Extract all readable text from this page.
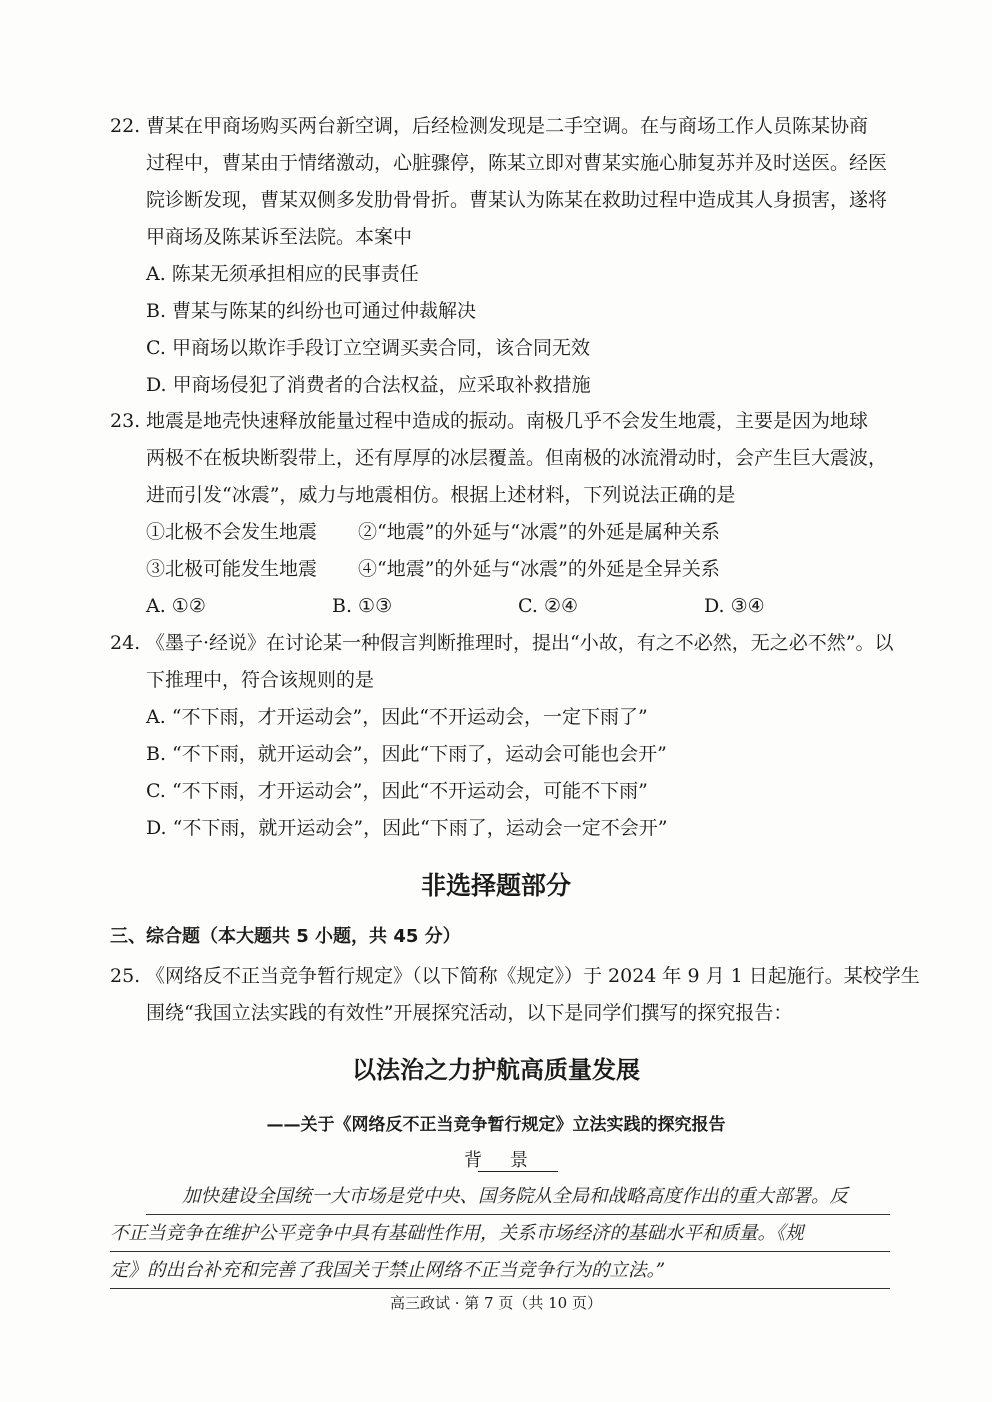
22. 曹某在甲商场购买两台新空调，后经检测发现是二手空调。在与商场工作人员陈某协商
过程中，曹某由于情绪激动，心脏骤停，陈某立即对曹某实施心肺复苏并及时送医。经医
院诊断发现，曹某双侧多发肋骨骨折。曹某认为陈某在救助过程中造成其人身损害，遂将
甲商场及陈某诉至法院。本案中
A. 陈某无须承担相应的民事责任
B. 曹某与陈某的纠纷也可通过仲裁解决
C. 甲商场以欺诈手段订立空调买卖合同，该合同无效
D. 甲商场侵犯了消费者的合法权益，应采取补救措施
23. 地震是地壳快速释放能量过程中造成的振动。南极几乎不会发生地震，主要是因为地球
两极不在板块断裂带上，还有厚厚的冰层覆盖。但南极的冰流滑动时，会产生巨大震波，
进而引发“冰震”，威力与地震相仿。根据上述材料，下列说法正确的是
①北极不会发生地震	②“地震”的外延与“冰震”的外延是属种关系
③北极可能发生地震	④“地震”的外延与“冰震”的外延是全异关系
A. ①②	B. ①③	C. ②④	D. ③④
24. 《墨子·经说》在讨论某一种假言判断推理时，提出“小故，有之不必然，无之必不然”。以
下推理中，符合该规则的是
A. “不下雨，才开运动会”，因此“不开运动会，一定下雨了”
B. “不下雨，就开运动会”，因此“下雨了，运动会可能也会开”
C. “不下雨，才开运动会”，因此“不开运动会，可能不下雨”
D. “不下雨，就开运动会”，因此“下雨了，运动会一定不会开”
非选择题部分
三、综合题（本大题共 5 小题，共 45 分）
25. 《网络反不正当竞争暂行规定》（以下简称《规定》）于 2024 年 9 月 1 日起施行。某校学生
围绕“我国立法实践的有效性”开展探究活动，以下是同学们撰写的探究报告：
以法治之力护航高质量发展
——关于《网络反不正当竞争暂行规定》立法实践的探究报告
背景
加快建设全国统一大市场是党中央、国务院从全局和战略高度作出的重大部署。反
不正当竞争在维护公平竞争中具有基础性作用，关系市场经济的基础水平和质量。《规
定》的出台补充和完善了我国关于禁止网络不正当竞争行为的立法。”
高三政试 · 第 7 页（共 10 页）
